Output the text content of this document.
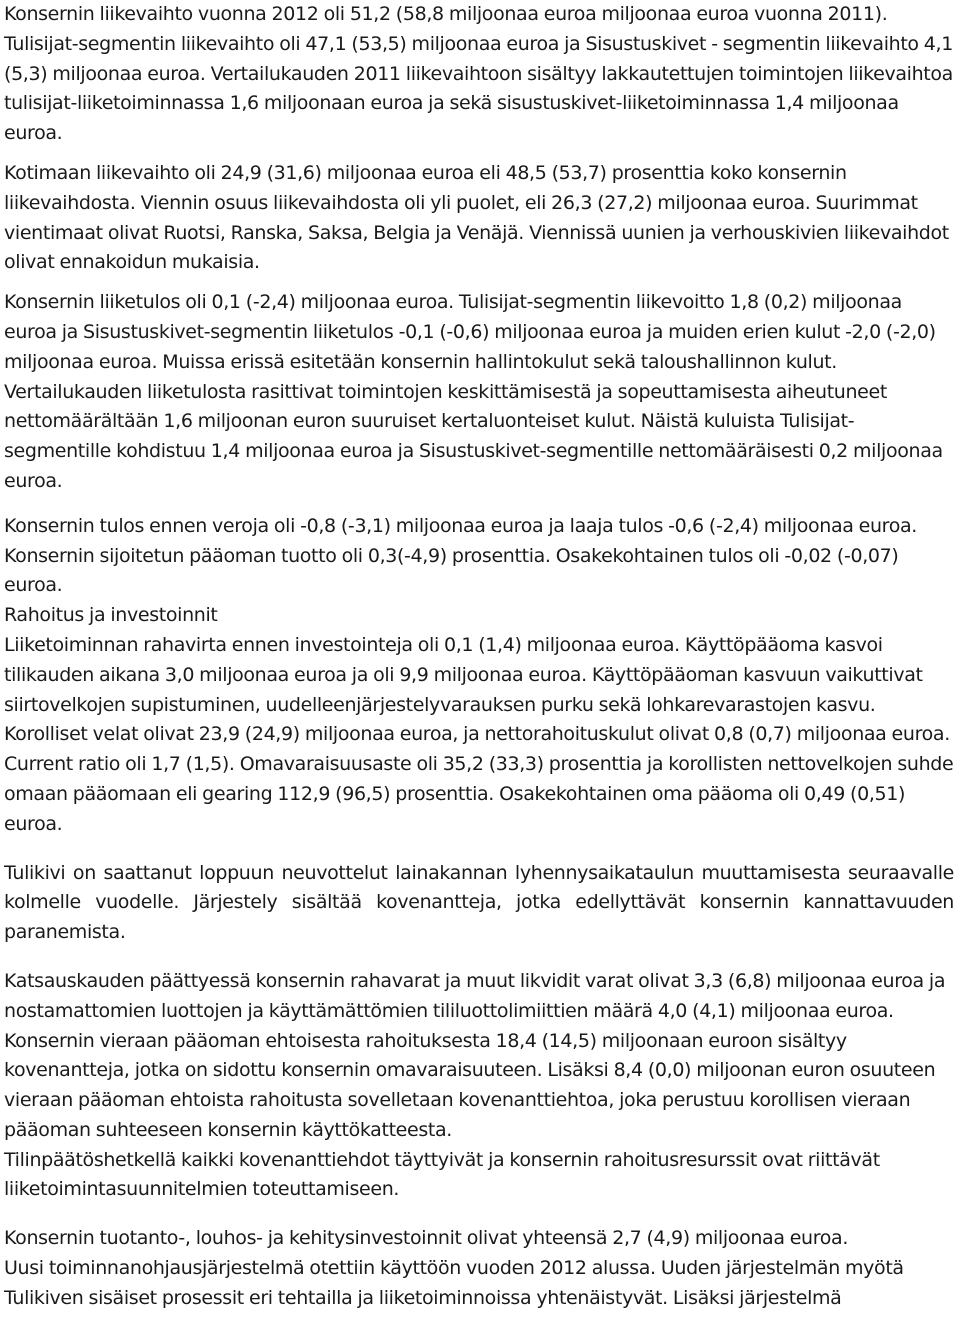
Konsernin liikevaihto vuonna 2012 oli 51,2 (58,8 miljoonaa euroa miljoonaa euroa vuonna 2011). Tulisijat-segmentin liikevaihto oli 47,1 (53,5) miljoonaa euroa ja Sisustuskivet - segmentin liikevaihto 4,1 (5,3) miljoonaa euroa. Vertailukauden 2011 liikevaihtoon sisältyy lakkautettujen toimintojen liikevaihtoa tulisijat-liiketoiminnassa 1,6 miljoonaan euroa ja sekä sisustuskivet-liiketoiminnassa 1,4 miljoonaa euroa.

Kotimaan liikevaihto oli 24,9 (31,6) miljoonaa euroa eli 48,5 (53,7) prosenttia koko konsernin liikevaihdosta. Viennin osuus liikevaihdosta oli yli puolet, eli 26,3 (27,2) miljoonaa euroa. Suurimmat vientimaat olivat Ruotsi, Ranska, Saksa, Belgia ja Venäjä. Viennissä uunien ja verhouskivien liikevaihdot olivat ennakoidun mukaisia.

Konsernin liiketulos oli 0,1 (-2,4) miljoonaa euroa. Tulisijat-segmentin liikevoitto 1,8 (0,2) miljoonaa euroa ja Sisustuskivet-segmentin liiketulos -0,1 (-0,6) miljoonaa euroa ja muiden erien kulut -2,0 (-2,0) miljoonaa euroa. Muissa erissä esitetään konsernin hallintokulut sekä taloushallinnon kulut. Vertailukauden liiketulosta rasittivat toimintojen keskittämisestä ja sopeuttamisesta aiheutuneet nettomäärältään 1,6 miljoonan euron suuruiset kertaluonteiset kulut. Näistä kuluista Tulisijat-segmentille kohdistuu 1,4 miljoonaa euroa ja Sisustuskivet-segmentille nettomääräisesti 0,2 miljoonaa euroa.

Konsernin tulos ennen veroja oli -0,8 (-3,1) miljoonaa euroa ja laaja tulos -0,6 (-2,4) miljoonaa euroa. Konsernin sijoitetun pääoman tuotto oli 0,3(-4,9) prosenttia. Osakekohtainen tulos oli -0,02 (-0,07) euroa.

Rahoitus ja investoinnit

Liiketoiminnan rahavirta ennen investointeja oli 0,1 (1,4) miljoonaa euroa. Käyttöpääoma kasvoi tilikauden aikana 3,0 miljoonaa euroa ja oli 9,9 miljoonaa euroa. Käyttöpääoman kasvuun vaikuttivat siirtovelkojen supistuminen, uudelleenjärjestelyvarauksen purku sekä lohkarevarastojen kasvu. Korolliset velat olivat 23,9 (24,9) miljoonaa euroa, ja nettorahoituskulut olivat 0,8 (0,7) miljoonaa euroa. Current ratio oli 1,7 (1,5). Omavaraisuusaste oli 35,2 (33,3) prosenttia ja korollisten nettovelkojen suhde omaan pääomaan eli gearing 112,9 (96,5) prosenttia. Osakekohtainen oma pääoma oli 0,49 (0,51) euroa.

Tulikivi on saattanut loppuun neuvottelut lainakannan lyhennysaikataulun muuttamisesta seuraavalle kolmelle vuodelle. Järjestely sisältää kovenantteja, jotka edellyttävät konsernin kannattavuuden paranemista.

Katsauskauden päättyessä konsernin rahavarat ja muut likvidit varat olivat 3,3 (6,8) miljoonaa euroa ja nostamattomien luottojen ja käyttämättömien tililuottolimiittien määrä 4,0 (4,1) miljoonaa euroa. Konsernin vieraan pääoman ehtoisesta rahoituksesta 18,4 (14,5) miljoonaan euroon sisältyy kovenantteja, jotka on sidottu konsernin omavaraisuuteen. Lisäksi 8,4 (0,0) miljoonan euron osuuteen vieraan pääoman ehtoista rahoitusta sovelletaan kovenanttiehtoa, joka perustuu korollisen vieraan pääoman suhteeseen konsernin käyttökatteesta.

Tilinpäätöshetkellä kaikki kovenanttiehdot täyttyivät ja konsernin rahoitusresurssit ovat riittävät liiketoimintasuunnitelmien toteuttamiseen.

Konsernin tuotanto-, louhos- ja kehitysinvestoinnit olivat yhteensä 2,7 (4,9) miljoonaa euroa.

Uusi toiminnanohjausjärjestelmä otettiin käyttöön vuoden 2012 alussa. Uuden järjestelmän myötä Tulikiven sisäiset prosessit eri tehtailla ja liiketoiminnoissa yhtenäistyvät. Lisäksi järjestelmä
